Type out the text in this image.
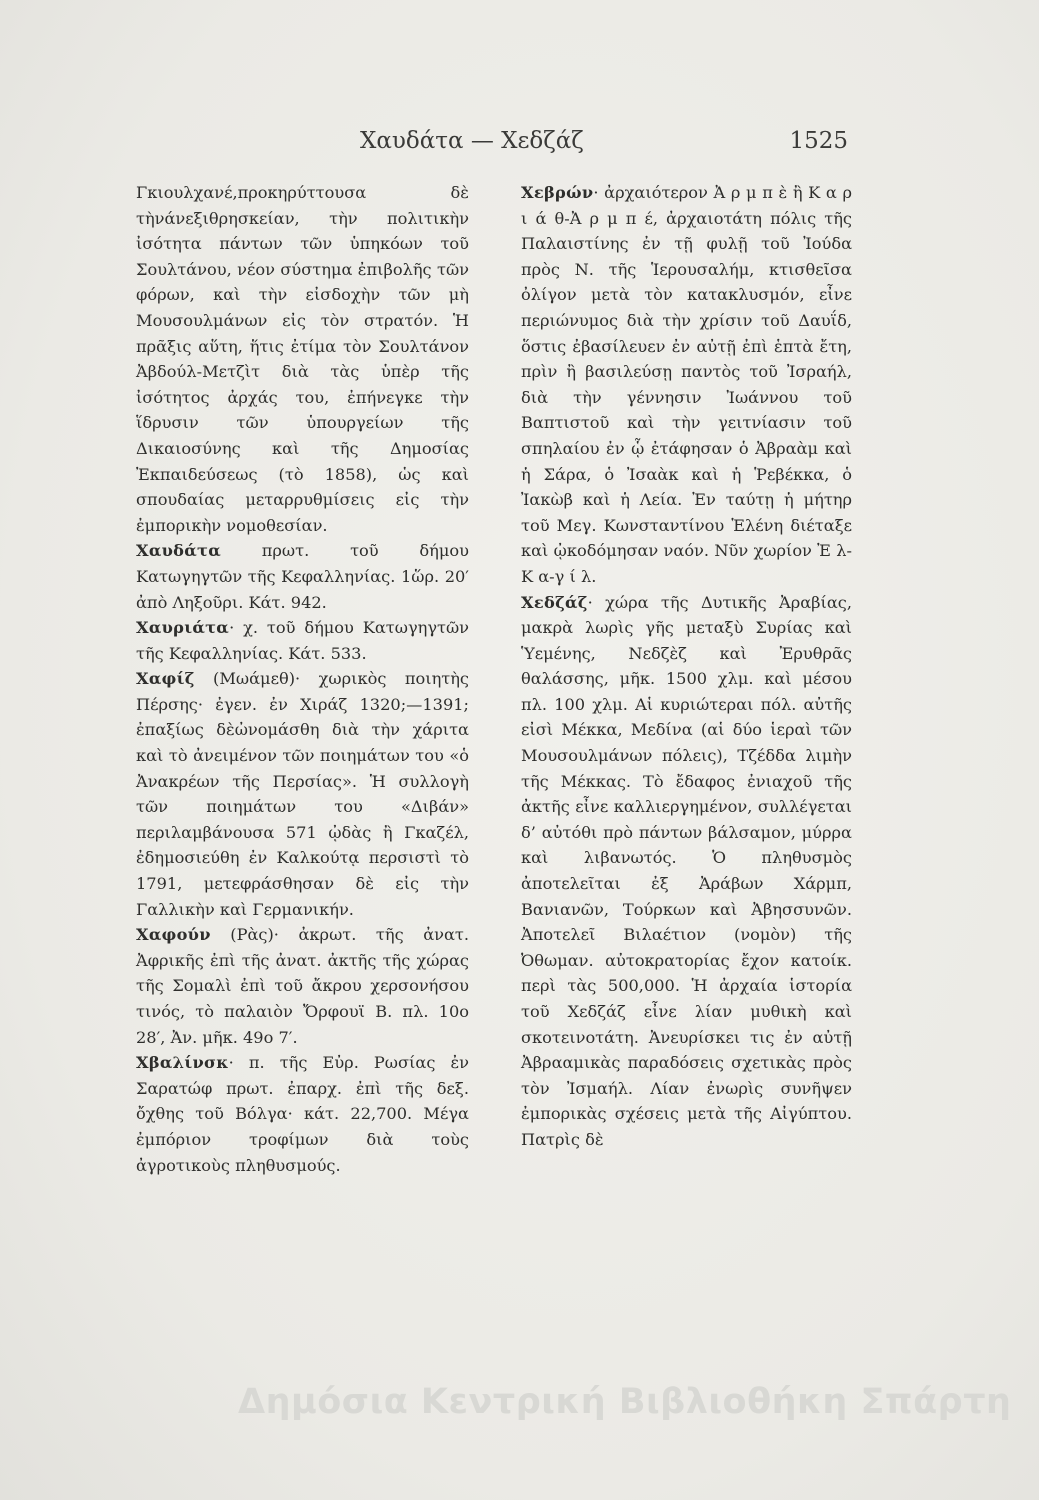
Χαυδάτα — Χεδζάζ	1525

Γκιουλχανέ,προκηρύττουσα δὲ τὴνάνεξιθρησκείαν, τὴν πολιτικὴν ἰσότητα πάντων τῶν ὑπηκόων τοῦ Σουλτάνου, νέον σύστημα ἐπιβολῆς τῶν φόρων, καὶ τὴν εἰσδοχὴν τῶν μὴ Μουσουλμάνων εἰς τὸν στρατόν. Ἡ πρᾶξις αὕτη, ἥτις ἐτίμα τὸν Σουλτάνον Ἀβδούλ-Μετζὶτ διὰ τὰς ὑπὲρ τῆς ἰσότητος ἀρχάς του, ἐπήνεγκε τὴν ἵδρυσιν τῶν ὑπουργείων τῆς Δικαιοσύνης καὶ τῆς Δημοσίας Ἐκπαιδεύσεως (τὸ 1858), ὡς καὶ σπουδαίας μεταρρυθμίσεις εἰς τὴν ἐμπορικὴν νομοθεσίαν.

Χαυδάτα πρωτ. τοῦ δήμου Κατωγηγτῶν τῆς Κεφαλληνίας. 1ὥρ. 20′ ἀπὸ Ληξοῦρι. Κάτ. 942.

Χαυριάτα· χ. τοῦ δήμου Κατωγηγτῶν τῆς Κεφαλληνίας. Κάτ. 533.

Χαφίζ (Μωάμεθ)· χωρικὸς ποιητὴς Πέρσης· ἐγεν. ἐν Χιράζ 1320;—1391; ἐπαξίως δὲὠνομάσθη διὰ τὴν χάριτα καὶ τὸ ἀνειμένον τῶν ποιημάτων του «ὁ Ἀνακρέων τῆς Περσίας». Ἡ συλλογὴ τῶν ποιημάτων του «Διβάν» περιλαμβάνουσα 571 ᾠδὰς ἢ Γκαζέλ, ἐδημοσιεύθη ἐν Καλκούτᾳ περσιστὶ τὸ 1791, μετεφράσθησαν δὲ εἰς τὴν Γαλλικὴν καὶ Γερμανικήν.

Χαφούν (Ρὰς)· ἀκρωτ. τῆς ἀνατ. Ἀφρικῆς ἐπὶ τῆς ἀνατ. ἀκτῆς τῆς χώρας τῆς Σομαλὶ ἐπὶ τοῦ ἄκρου χερσονήσου τινός, τὸ παλαιὸν Ὄρφουϊ Β. πλ. 10ο 28′, Ἀν. μῆκ. 49ο 7′.

Χβαλίνσκ· π. τῆς Εὐρ. Ρωσίας ἐν Σαρατώφ πρωτ. ἐπαρχ. ἐπὶ τῆς δεξ. ὄχθης τοῦ Βόλγα· κάτ. 22,700. Μέγα ἐμπόριον τροφίμων διὰ τοὺς ἀγροτικοὺς πληθυσμούς.

Χεβρών· ἀρχαιότερον Ἀ ρ μ π ὲ ἢ Κ α ρ ι ά θ-Ἀ ρ μ π έ, ἀρχαιοτάτη πόλις τῆς Παλαιστίνης ἐν τῇ φυλῇ τοῦ Ἰούδα πρὸς Ν. τῆς Ἱερουσαλήμ, κτισθεῖσα ὀλίγον μετὰ τὸν κατακλυσμόν, εἶνε περιώνυμος διὰ τὴν χρίσιν τοῦ Δαυΐδ, ὅστις ἐβασίλευεν ἐν αὐτῇ ἐπὶ ἑπτὰ ἔτη, πρὶν ἢ βασιλεύσῃ παντὸς τοῦ Ἰσραήλ, διὰ τὴν γέννησιν Ἰωάννου τοῦ Βαπτιστοῦ καὶ τὴν γειτνίασιν τοῦ σπηλαίου ἐν ᾧ ἐτάφησαν ὁ Ἀβραὰμ καὶ ἡ Σάρα, ὁ Ἰσαὰκ καὶ ἡ Ῥεβέκκα, ὁ Ἰακὼβ καὶ ἡ Λεία. Ἐν ταύτῃ ἡ μήτηρ τοῦ Μεγ. Κωνσταντίνου Ἑλένη διέταξε καὶ ᾠκοδόμησαν ναόν. Νῦν χωρίον Ἐ λ-Κ α-γ ί λ.

Χεδζάζ· χώρα τῆς Δυτικῆς Ἀραβίας, μακρὰ λωρὶς γῆς μεταξὺ Συρίας καὶ Ὑεμένης, Νεδζὲζ καὶ Ἐρυθρᾶς θαλάσσης, μῆκ. 1500 χλμ. καὶ μέσου πλ. 100 χλμ. Αἱ κυριώτεραι πόλ. αὐτῆς εἰσὶ Μέκκα, Μεδίνα (αἱ δύο ἱεραὶ τῶν Μουσουλμάνων πόλεις), Τζέδδα λιμὴν τῆς Μέκκας. Τὸ ἔδαφος ἐνιαχοῦ τῆς ἀκτῆς εἶνε καλλιεργημένον, συλλέγεται δ’ αὐτόθι πρὸ πάντων βάλσαμον, μύρρα καὶ λιβανωτός. Ὁ πληθυσμὸς ἀποτελεῖται ἐξ Ἀράβων Χάρμπ, Βανιανῶν, Τούρκων καὶ Ἀβησσυνῶν. Ἀποτελεῖ Βιλαέτιον (νομὸν) τῆς Ὀθωμαν. αὐτοκρατορίας ἔχον κατοίκ. περὶ τὰς 500,000. Ἡ ἀρχαία ἱστορία τοῦ Χεδζάζ εἶνε λίαν μυθικὴ καὶ σκοτεινοτάτη. Ἀνευρίσκει τις ἐν αὐτῇ Ἀβρααμικὰς παραδόσεις σχετικὰς πρὸς τὸν Ἰσμαήλ. Λίαν ἐνωρὶς συνῆψεν ἐμπορικὰς σχέσεις μετὰ τῆς Αἰγύπτου. Πατρὶς δὲ

Δημόσια Κεντρική Βιβλιοθήκη Σπάρτη
